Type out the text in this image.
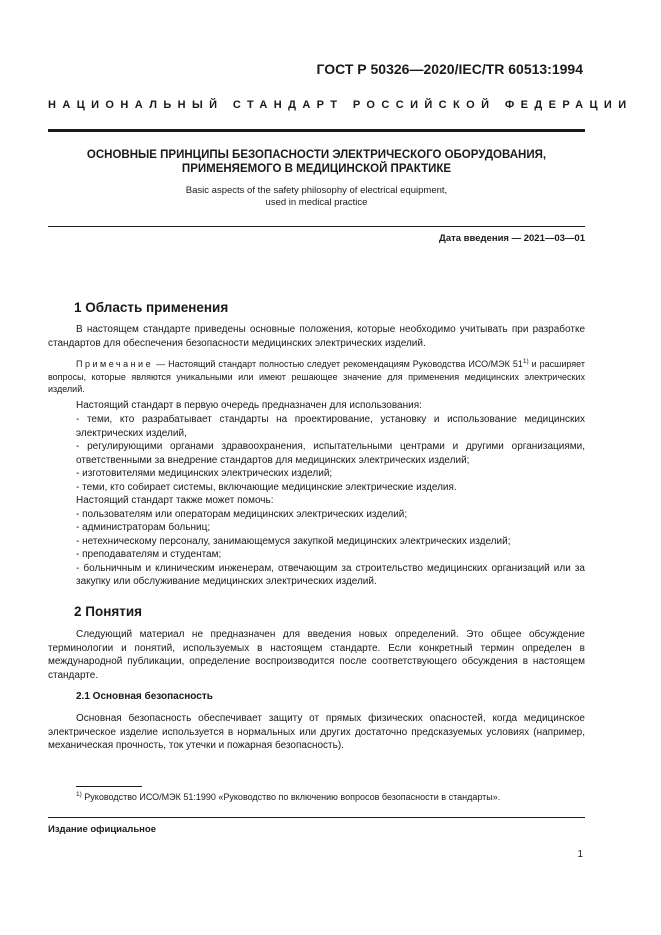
ГОСТ Р 50326—2020/IEC/TR 60513:1994
НАЦИОНАЛЬНЫЙ СТАНДАРТ РОССИЙСКОЙ ФЕДЕРАЦИИ
ОСНОВНЫЕ ПРИНЦИПЫ БЕЗОПАСНОСТИ ЭЛЕКТРИЧЕСКОГО ОБОРУДОВАНИЯ,
ПРИМЕНЯЕМОГО В МЕДИЦИНСКОЙ ПРАКТИКЕ
Basic aspects of the safety philosophy of electrical equipment,
used in medical practice
Дата введения — 2021—03—01
1 Область применения
В настоящем стандарте приведены основные положения, которые необходимо учитывать при разработке стандартов для обеспечения безопасности медицинских электрических изделий.
Примечание — Настоящий стандарт полностью следует рекомендациям Руководства ИСО/МЭК 51$^{1)}$ и расширяет вопросы, которые являются уникальными или имеют решающее значение для применения медицинских электрических изделий.
Настоящий стандарт в первую очередь предназначен для использования:
- теми, кто разрабатывает стандарты на проектирование, установку и использование медицинских электрических изделий,
- регулирующими органами здравоохранения, испытательными центрами и другими организациями, ответственными за внедрение стандартов для медицинских электрических изделий;
- изготовителями медицинских электрических изделий;
- теми, кто собирает системы, включающие медицинские электрические изделия.
Настоящий стандарт также может помочь:
- пользователям или операторам медицинских электрических изделий;
- администраторам больниц;
- нетехническому персоналу, занимающемуся закупкой медицинских электрических изделий;
- преподавателям и студентам;
- больничным и клиническим инженерам, отвечающим за строительство медицинских организаций или за закупку или обслуживание медицинских электрических изделий.
2 Понятия
Следующий материал не предназначен для введения новых определений. Это общее обсуждение терминологии и понятий, используемых в настоящем стандарте. Если конкретный термин определен в международной публикации, определение воспроизводится после соответствующего обсуждения в настоящем стандарте.
2.1 Основная безопасность
Основная безопасность обеспечивает защиту от прямых физических опасностей, когда медицинское электрическое изделие используется в нормальных или других достаточно предсказуемых условиях (например, механическая прочность, ток утечки и пожарная безопасность).
$^{1)}$ Руководство ИСО/МЭК 51:1990 «Руководство по включению вопросов безопасности в стандарты».
Издание официальное
1
